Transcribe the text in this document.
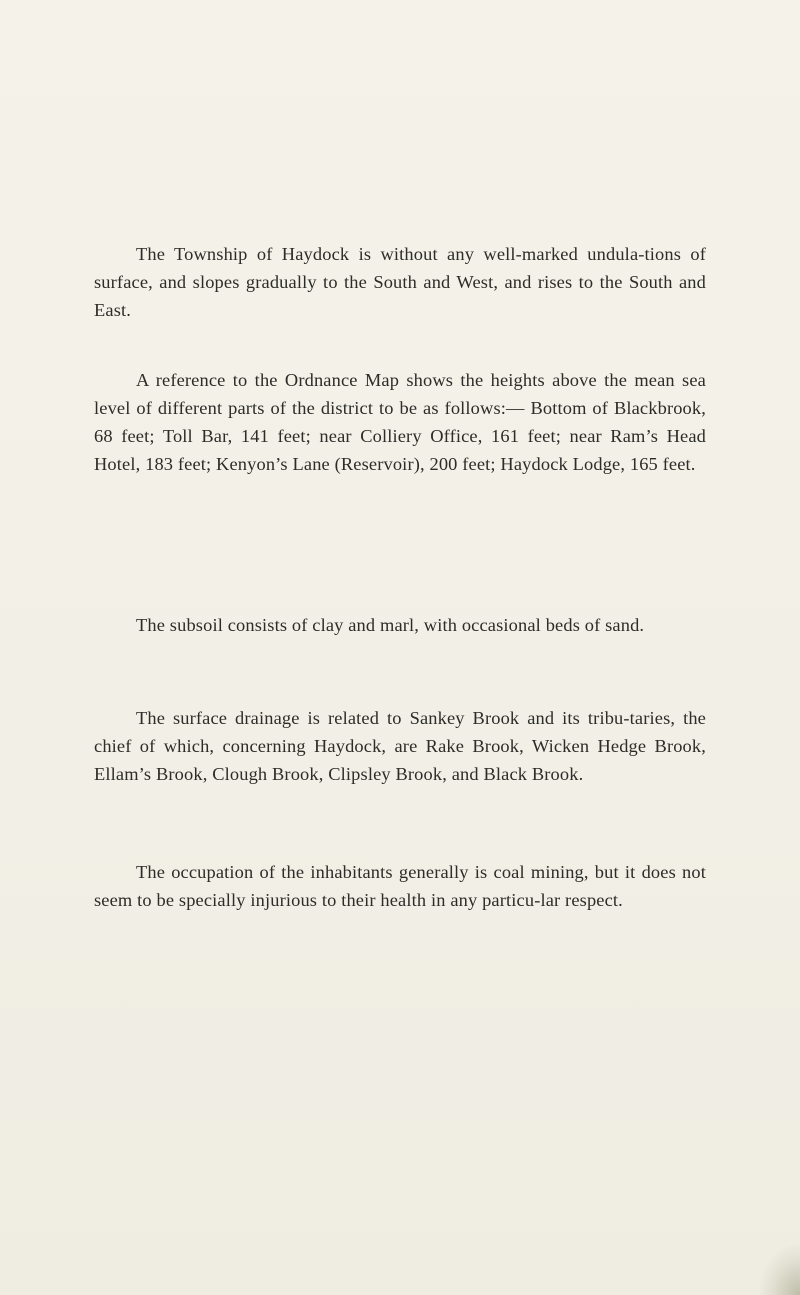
The Township of Haydock is without any well-marked undula-tions of surface, and slopes gradually to the South and West, and rises to the South and East.

A reference to the Ordnance Map shows the heights above the mean sea level of different parts of the district to be as follows:— Bottom of Blackbrook, 68 feet; Toll Bar, 141 feet; near Colliery Office, 161 feet; near Ram’s Head Hotel, 183 feet; Kenyon’s Lane (Reservoir), 200 feet; Haydock Lodge, 165 feet.

The subsoil consists of clay and marl, with occasional beds of sand.

The surface drainage is related to Sankey Brook and its tribu-taries, the chief of which, concerning Haydock, are Rake Brook, Wicken Hedge Brook, Ellam’s Brook, Clough Brook, Clipsley Brook, and Black Brook.

The occupation of the inhabitants generally is coal mining, but it does not seem to be specially injurious to their health in any particu-lar respect.
